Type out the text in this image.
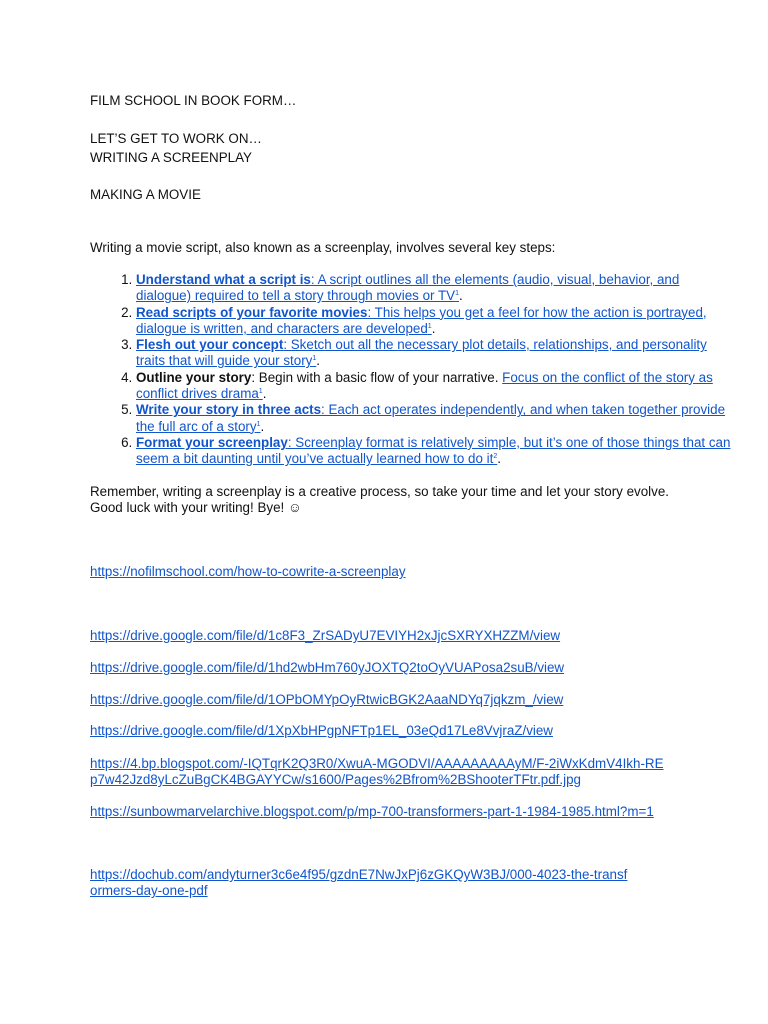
FILM SCHOOL IN BOOK FORM…
LET’S GET TO WORK ON…
WRITING A SCREENPLAY
MAKING A MOVIE
Writing a movie script, also known as a screenplay, involves several key steps:
1. Understand what a script is: A script outlines all the elements (audio, visual, behavior, and dialogue) required to tell a story through movies or $TV^1$.
2. Read scripts of your favorite movies: This helps you get a feel for how the action is portrayed, dialogue is written, and characters are developed$^1$.
3. Flesh out your concept: Sketch out all the necessary plot details, relationships, and personality traits that will guide your story$^1$.
4. Outline your story: Begin with a basic flow of your narrative. Focus on the conflict of the story as conflict drives drama$^1$.
5. Write your story in three acts: Each act operates independently, and when taken together provide the full arc of a story$^1$.
6. Format your screenplay: Screenplay format is relatively simple, but it’s one of those things that can seem a bit daunting until you’ve actually learned how to do $it^2$.
Remember, writing a screenplay is a creative process, so take your time and let your story evolve. Good luck with your writing! Bye! ☺
https://nofilmschool.com/how-to-cowrite-a-screenplay
https://drive.google.com/file/d/1c8F3_ZrSADyU7EVIYH2xJjcSXRYXHZZM/view
https://drive.google.com/file/d/1hd2wbHm760yJOXTQ2toOyVUAPosa2suB/view
https://drive.google.com/file/d/1OPbOMYpOyRtwicBGK2AaaNDYq7jqkzm_/view
https://drive.google.com/file/d/1XpXbHPgpNFTp1EL_03eQd17Le8VvjraZ/view
https://4.bp.blogspot.com/-IQTqrK2Q3R0/XwuA-MGODVI/AAAAAAAAAyM/F-2iWxKdmV4Ikh-REp7w42Jzd8yLcZuBgCK4BGAYYCw/s1600/Pages%2Bfrom%2BShooterTFtr.pdf.jpg
https://sunbowmarvelarchive.blogspot.com/p/mp-700-transformers-part-1-1984-1985.html?m=1
https://dochub.com/andyturner3c6e4f95/gzdnE7NwJxPj6zGKQyW3BJ/000-4023-the-transformers-day-one-pdf
